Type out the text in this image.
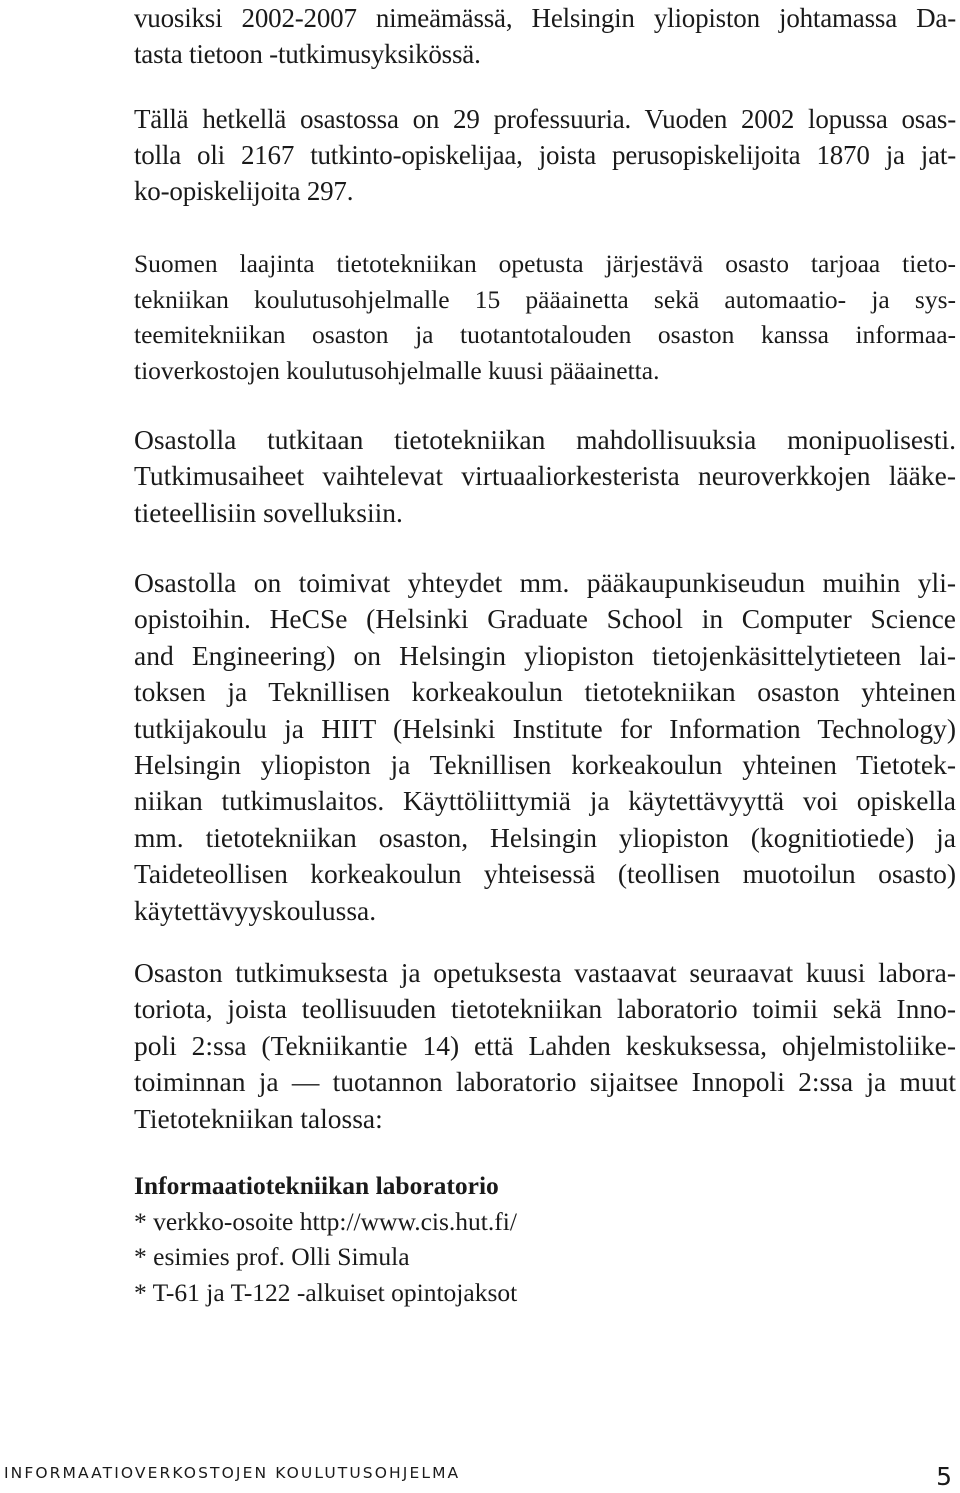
vuosiksi 2002-2007 nimeämässä, Helsingin yliopiston johtamassa Da-
tasta tietoon -tutkimusyksikössä.
Tällä hetkellä osastossa on 29 professuuria. Vuoden 2002 lopussa osas-
tolla oli 2167 tutkinto-opiskelijaa, joista perusopiskelijoita 1870 ja jat-
ko-opiskelijoita 297.
Suomen laajinta tietotekniikan opetusta järjestävä osasto tarjoaa tieto-
tekniikan koulutusohjelmalle 15 pääainetta sekä automaatio- ja sys-
teemitekniikan osaston ja tuotantotalouden osaston kanssa informaa-
tioverkostojen koulutusohjelmalle kuusi pääainetta.
Osastolla tutkitaan tietotekniikan mahdollisuuksia monipuolisesti.
Tutkimusaiheet vaihtelevat virtuaaliorkesterista neuroverkkojen lääke-
tieteellisiin sovelluksiin.
Osastolla on toimivat yhteydet mm. pääkaupunkiseudun muihin yli-
opistoihin. HeCSe (Helsinki Graduate School in Computer Science
and Engineering) on Helsingin yliopiston tietojenkäsittelytieteen lai-
toksen ja Teknillisen korkeakoulun tietotekniikan osaston yhteinen
tutkijakoulu ja HIIT (Helsinki Institute for Information Technology)
Helsingin yliopiston ja Teknillisen korkeakoulun yhteinen Tietotek-
niikan tutkimuslaitos. Käyttöliittymiä ja käytettävyyttä voi opiskella
mm. tietotekniikan osaston, Helsingin yliopiston (kognitiotiede) ja
Taideteollisen korkeakoulun yhteisessä (teollisen muotoilun osasto)
käytettävyyskoulussa.
Osaston tutkimuksesta ja opetuksesta vastaavat seuraavat kuusi labora-
toriota, joista teollisuuden tietotekniikan laboratorio toimii sekä Inno-
poli 2:ssa (Tekniikantie 14) että Lahden keskuksessa, ohjelmistoliike-
toiminnan ja — tuotannon laboratorio sijaitsee Innopoli 2:ssa ja muut
Tietotekniikan talossa:
Informaatiotekniikan laboratorio
* verkko-osoite http://www.cis.hut.fi/
* esimies prof. Olli Simula
* T-61 ja T-122 -alkuiset opintojaksot
INFORMAATIOVERKOSTOJEN KOULUTUSOHJELMA	5
